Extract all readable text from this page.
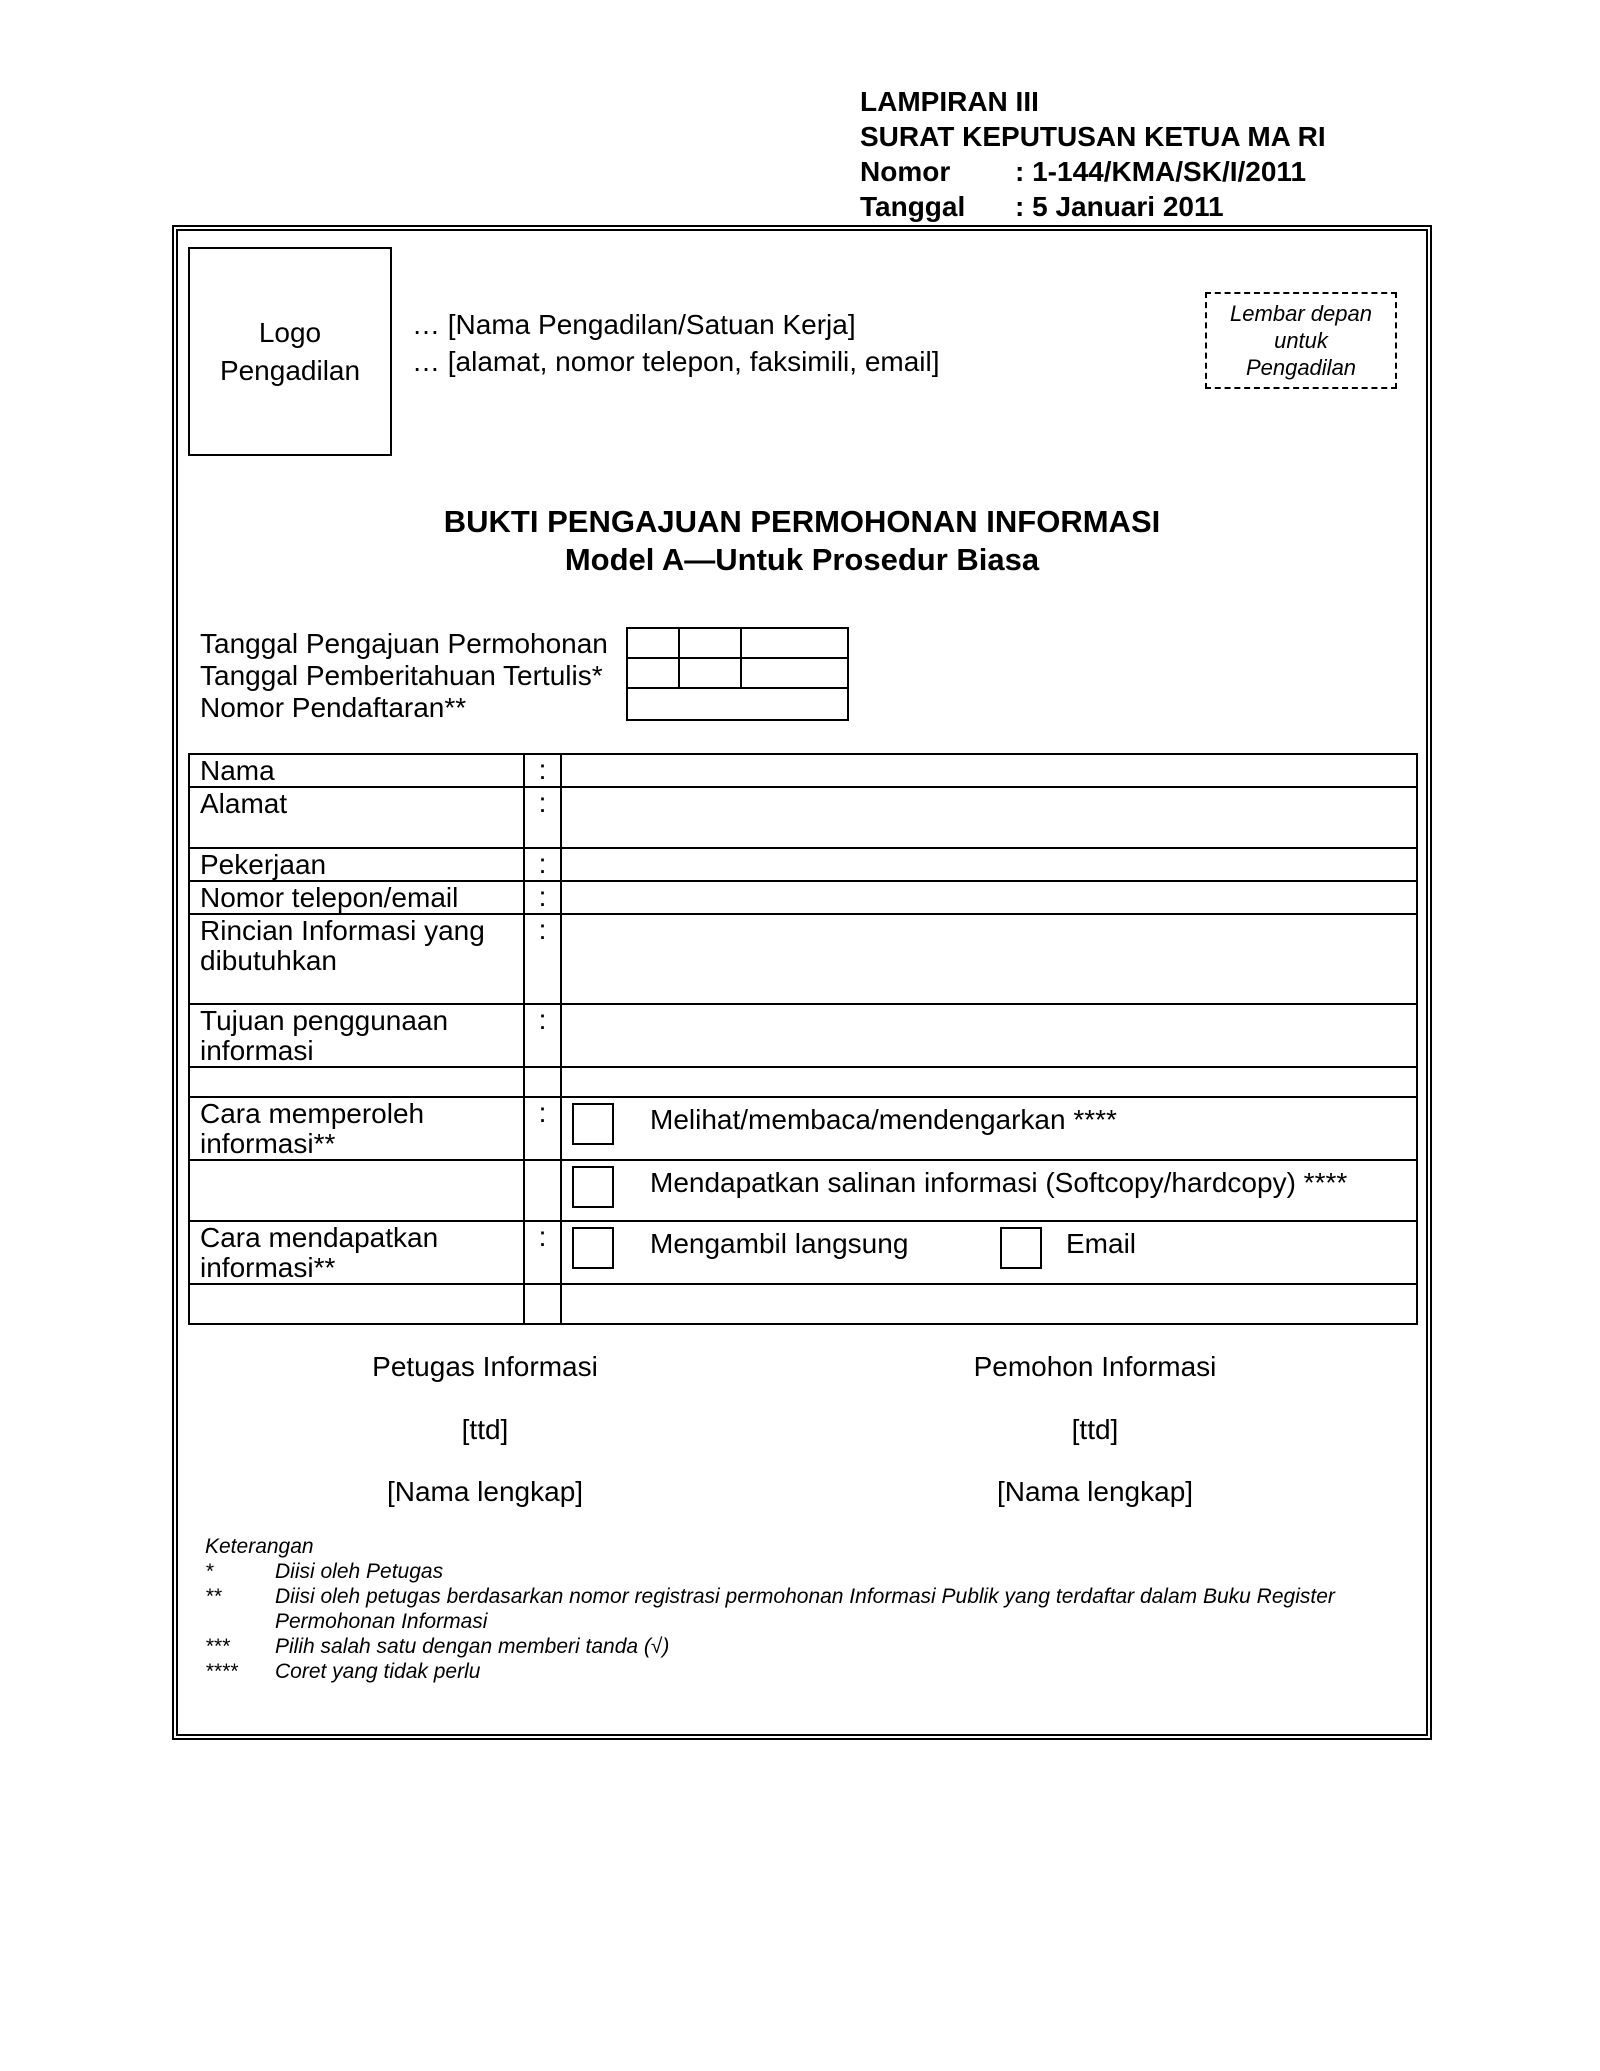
LAMPIRAN III
SURAT KEPUTUSAN KETUA MA RI
Nomor	: 1-144/KMA/SK/I/2011
Tanggal	: 5 Januari 2011
Logo
Pengadilan
… [Nama Pengadilan/Satuan Kerja]
… [alamat, nomor telepon, faksimili, email]
Lembar depan
untuk
Pengadilan
BUKTI PENGAJUAN PERMOHONAN INFORMASI
Model A—Untuk Prosedur Biasa
Tanggal Pengajuan Permohonan
Tanggal Pemberitahuan Tertulis*
Nomor Pendaftaran**

Nama	:	

Alamat	:	

Pekerjaan	:	

Nomor telepon/email	:	

Rincian Informasi yang dibutuhkan	:	

Tujuan penggunaan informasi	:	

Cara memperoleh informasi**	:	Melihat/membaca/mendengarkan ****

		Mendapatkan salinan informasi (Softcopy/hardcopy) ****

Cara mendapatkan informasi**	:	Mengambil langsung Email

Petugas Informasi
[ttd]
[Nama lengkap]
Pemohon Informasi
[ttd]
[Nama lengkap]
Keterangan
*	Diisi oleh Petugas
**	Diisi oleh petugas berdasarkan nomor registrasi permohonan Informasi Publik yang terdaftar dalam Buku Register
Permohonan Informasi
***	Pilih salah satu dengan memberi tanda (√)
****	Coret yang tidak perlu
